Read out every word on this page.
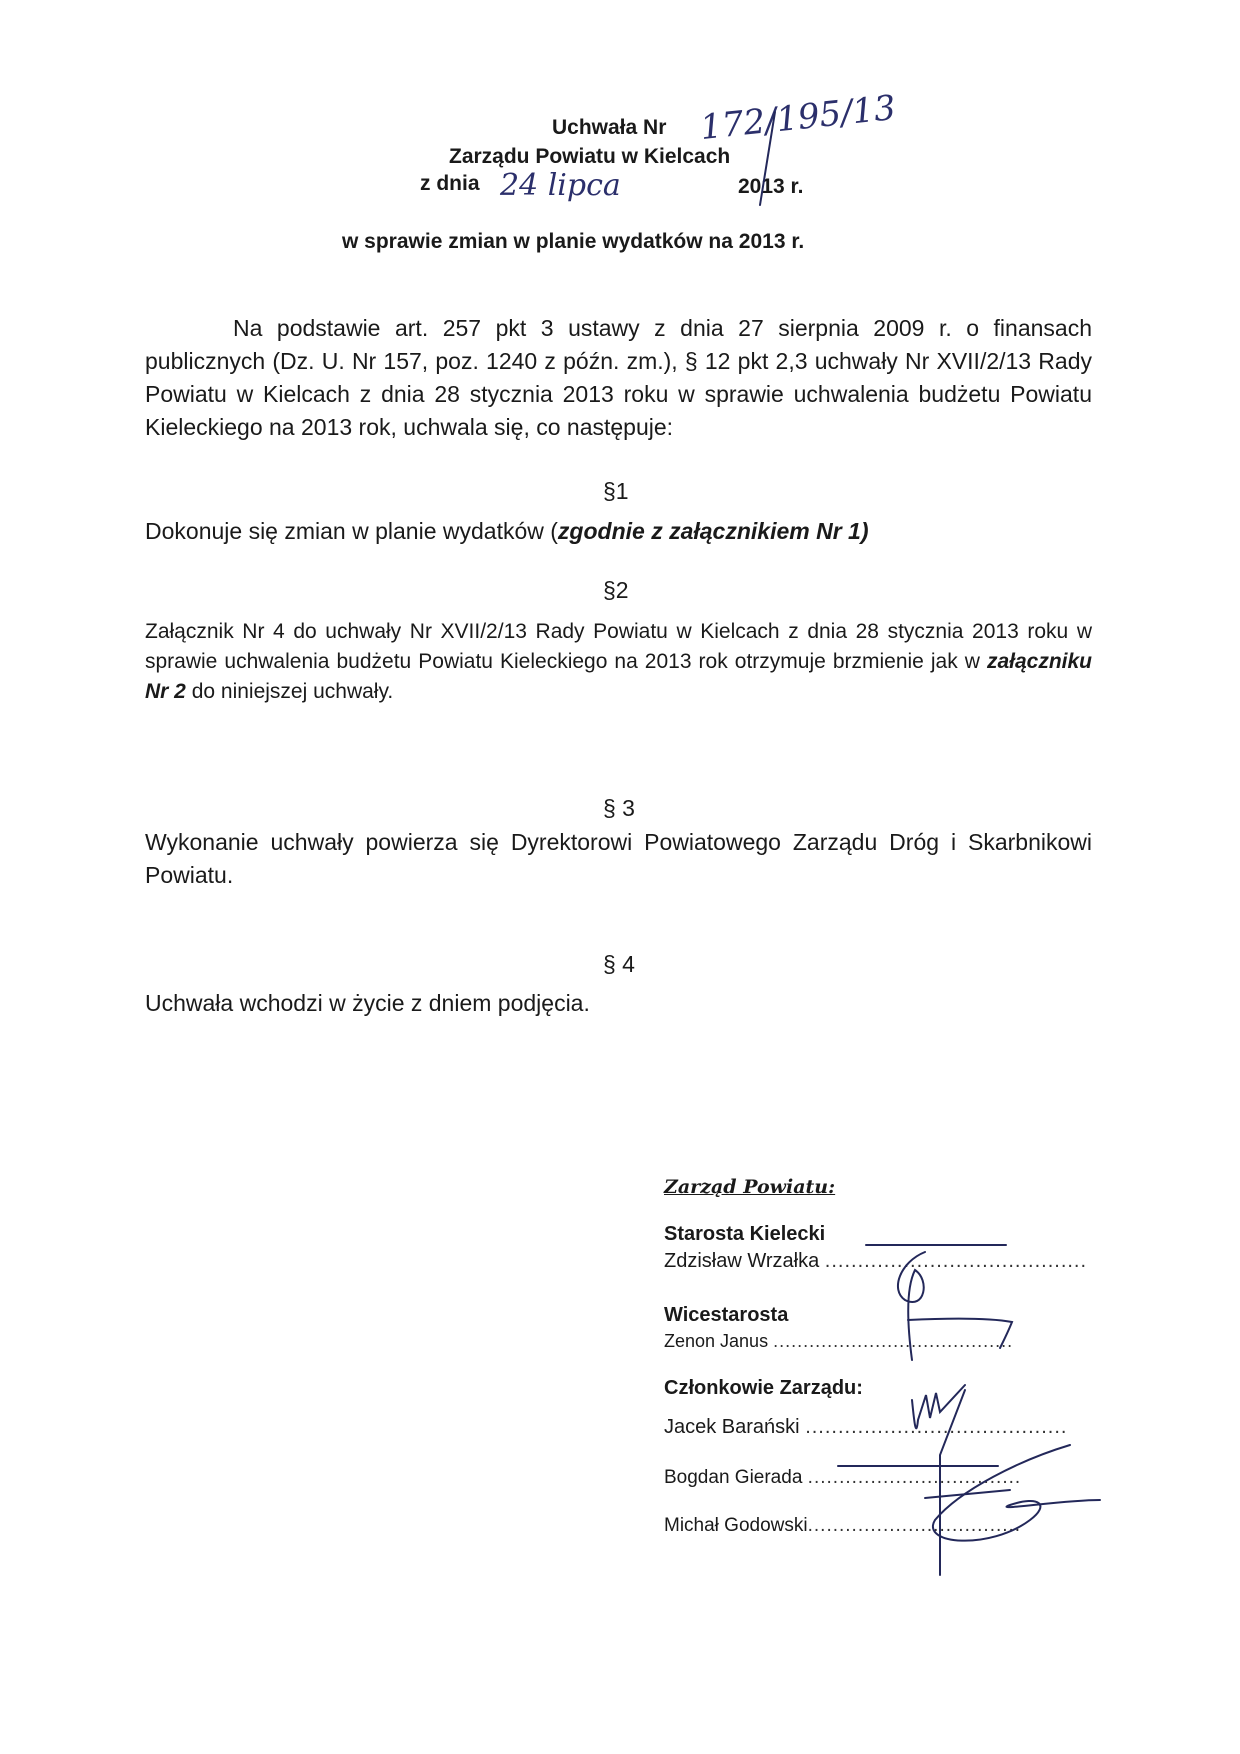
Uchwała Nr 172/195/13
Zarządu Powiatu w Kielcach
z dnia 24 lipca	2013 r.
w sprawie zmian w planie wydatków na 2013 r.
Na podstawie art. 257 pkt 3 ustawy z dnia 27 sierpnia 2009 r. o finansach publicznych (Dz. U. Nr 157, poz. 1240 z późn. zm.), § 12 pkt 2,3 uchwały Nr XVII/2/13 Rady Powiatu w Kielcach z dnia 28 stycznia 2013 roku w sprawie uchwalenia budżetu Powiatu Kieleckiego na 2013 rok, uchwala się, co następuje:
§1
Dokonuje się zmian w planie wydatków (zgodnie z załącznikiem Nr 1)
§2
Załącznik Nr 4 do uchwały Nr XVII/2/13 Rady Powiatu w Kielcach z dnia 28 stycznia 2013 roku w sprawie uchwalenia budżetu Powiatu Kieleckiego na 2013 rok otrzymuje brzmienie jak w załączniku Nr 2 do niniejszej uchwały.
§ 3
Wykonanie uchwały powierza się Dyrektorowi Powiatowego Zarządu Dróg i Skarbnikowi Powiatu.
§ 4
Uchwała wchodzi w życie z dniem podjęcia.
Zarząd Powiatu:
Starosta Kielecki
Zdzisław Wrzałka ........................................
Wicestarosta
Zenon Janus ........................................
Członkowie Zarządu:
Jacek Barański ........................................
Bogdan Gierada ..................................
Michał Godowski..................................
